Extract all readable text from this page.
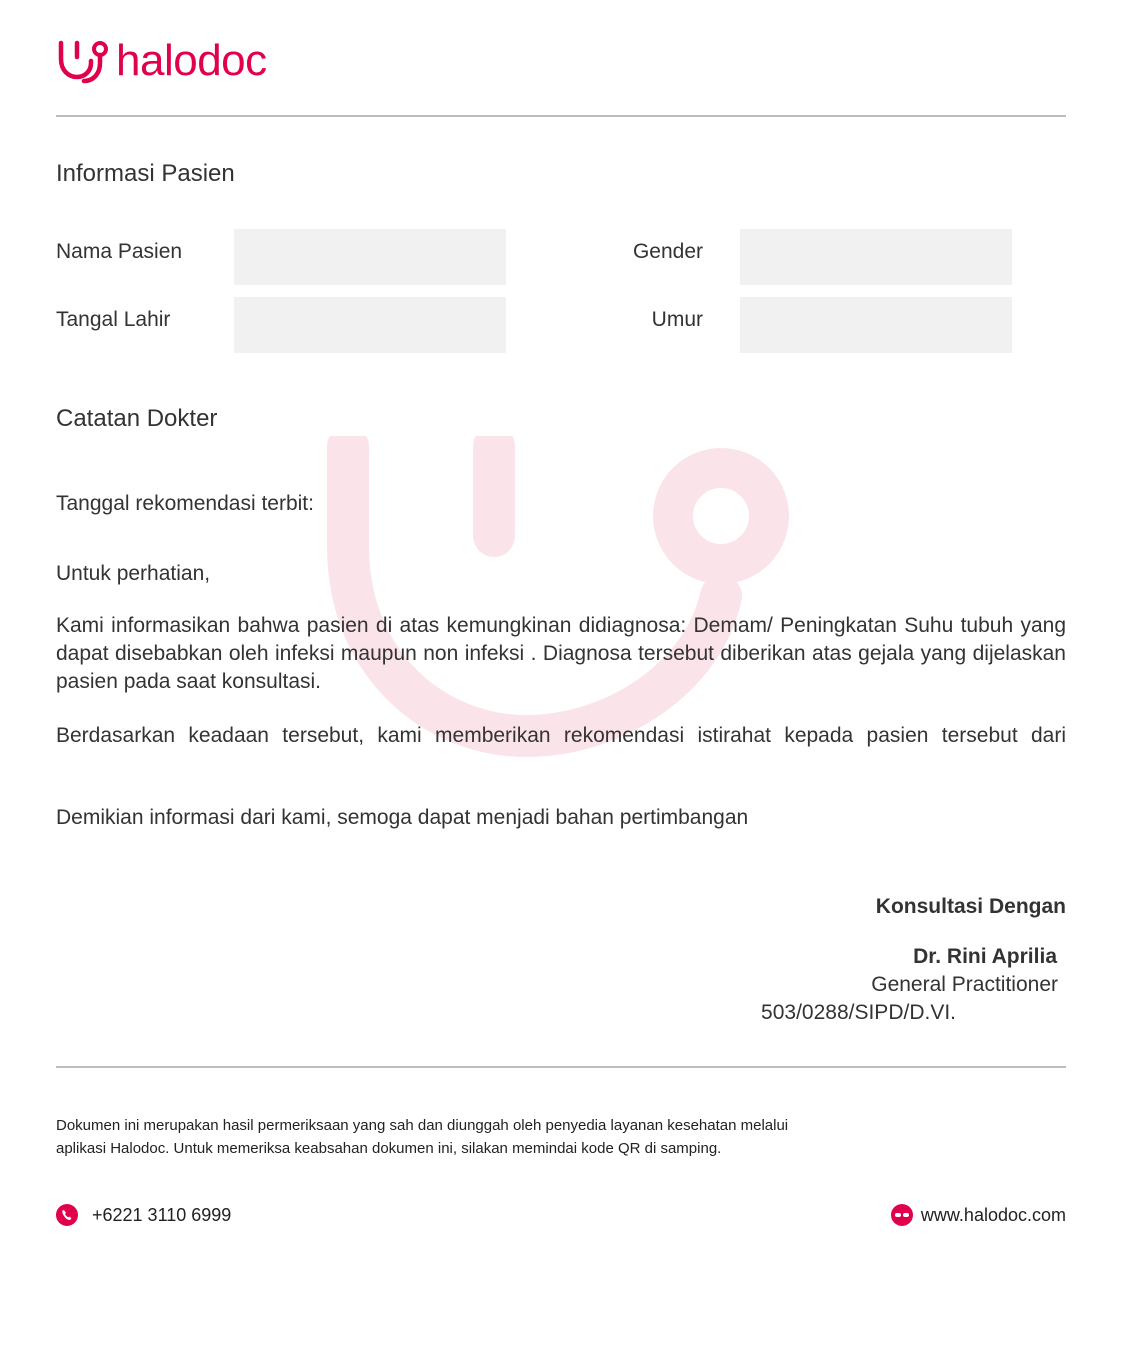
halodoc
Informasi Pasien
Nama Pasien	Gender
Tangal Lahir	Umur
Catatan Dokter
Tanggal rekomendasi terbit:
Untuk perhatian,
Kami informasikan bahwa pasien di atas kemungkinan didiagnosa: Demam/ Peningkatan Suhu tubuh yang dapat disebabkan oleh infeksi maupun non infeksi . Diagnosa tersebut diberikan atas gejala yang dijelaskan pasien pada saat konsultasi.
Berdasarkan keadaan tersebut, kami memberikan rekomendasi istirahat kepada pasien tersebut dari
Demikian informasi dari kami, semoga dapat menjadi bahan pertimbangan
Konsultasi Dengan
Dr. Rini Aprilia
General Practitioner
503/0288/SIPD/D.VI.
Dokumen ini merupakan hasil permeriksaan yang sah dan diunggah oleh penyedia layanan kesehatan melalui
aplikasi Halodoc. Untuk memeriksa keabsahan dokumen ini, silakan memindai kode QR di samping.
+6221 3110 6999	www.halodoc.com
